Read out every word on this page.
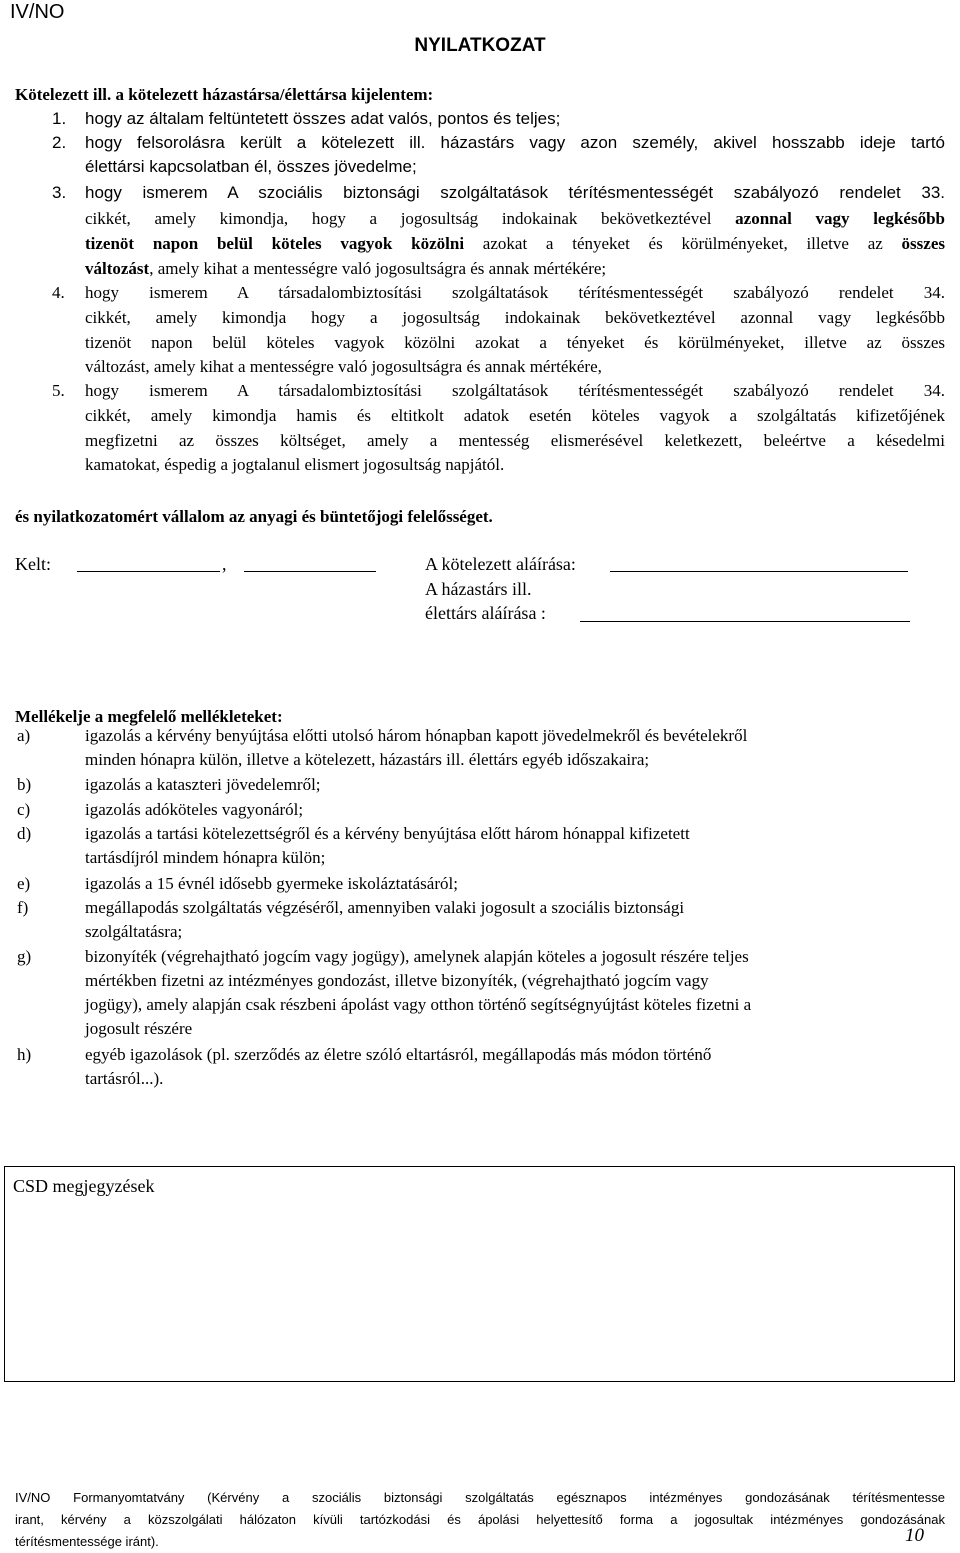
IV/NO
NYILATKOZAT
Kötelezett ill. a kötelezett házastársa/élettársa kijelentem:
1.	hogy az általam feltüntetett összes adat valós, pontos és teljes;
2.	hogy felsorolásra került a kötelezett ill. házastárs vagy azon személy, akivel hosszabb ideje tartó
élettársi kapcsolatban él, összes jövedelme;
3.	hogy ismerem A szociális biztonsági szolgáltatások térítésmentességét szabályozó rendelet 33.
cikkét, amely kimondja, hogy a jogosultság indokainak bekövetkeztével azonnal vagy legkésőbb
tizenöt napon belül köteles vagyok közölni azokat a tényeket és körülményeket, illetve az összes
változást, amely kihat a mentességre való jogosultságra és annak mértékére;
4.	hogy ismerem A társadalombiztosítási szolgáltatások térítésmentességét szabályozó rendelet 34.
cikkét, amely kimondja hogy a jogosultság indokainak bekövetkeztével azonnal vagy legkésőbb
tizenöt napon belül köteles vagyok közölni azokat a tényeket és körülményeket, illetve az összes
változást, amely kihat a mentességre való jogosultságra és annak mértékére,
5.	hogy ismerem A társadalombiztosítási szolgáltatások térítésmentességét szabályozó rendelet 34.
cikkét, amely kimondja hamis és eltitkolt adatok esetén köteles vagyok a szolgáltatás kifizetőjének
megfizetni az összes költséget, amely a mentesség elismerésével keletkezett, beleértve a késedelmi
kamatokat, éspedig a jogtalanul elismert jogosultság napjától.
és nyilatkozatomért vállalom az anyagi és büntetőjogi felelősséget.
Kelt:	,	A kötelezett aláírása:
A házastárs ill.
élettárs aláírása :
Mellékelje a megfelelő mellékleteket:
a)	igazolás a kérvény benyújtása előtti utolsó három hónapban kapott jövedelmekről és bevételekről
minden hónapra külön, illetve a kötelezett, házastárs ill. élettárs egyéb időszakaira;
b)	igazolás a kataszteri jövedelemről;
c)	igazolás adóköteles vagyonáról;
d)	igazolás a tartási kötelezettségről és a kérvény benyújtása előtt három hónappal kifizetett
tartásdíjról mindem hónapra külön;
e)	igazolás a 15 évnél idősebb gyermeke iskoláztatásáról;
f)	megállapodás szolgáltatás végzéséről, amennyiben valaki jogosult a szociális biztonsági
szolgáltatásra;
g)	bizonyíték (végrehajtható jogcím vagy jogügy), amelynek alapján köteles a jogosult részére teljes
mértékben fizetni az intézményes gondozást, illetve bizonyíték, (végrehajtható jogcím vagy
jogügy), amely alapján csak részbeni ápolást vagy otthon történő segítségnyújtást köteles fizetni a
jogosult részére
h)	egyéb igazolások (pl. szerződés az életre szóló eltartásról, megállapodás más módon történő
tartásról...).
CSD megjegyzések
IV/NO Formanyomtatvány (Kérvény a szociális biztonsági szolgáltatás egésznapos intézményes gondozásának térítésmentesse
irant, kérvény a közszolgálati hálózaton kívüli tartózkodási és ápolási helyettesítő forma a jogosultak intézményes gondozásának
térítésmentessége iránt).	10
